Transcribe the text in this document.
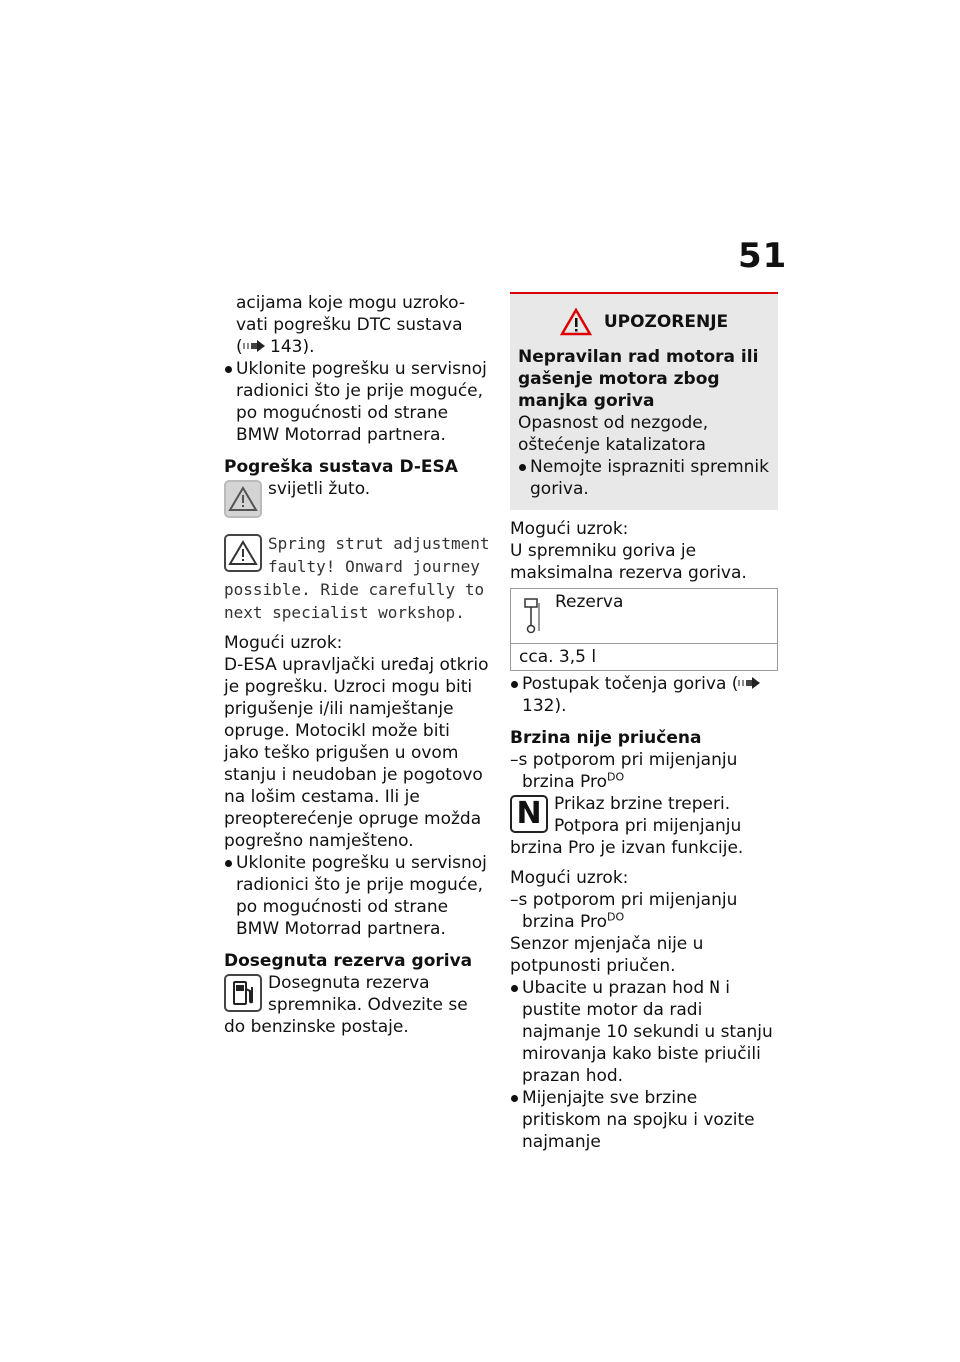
51

acijama koje mogu uzroko-

vati pogrešku DTC sustava

( 143).

Uklonite pogrešku u servisnoj radionici što je prije moguće, po mogućnosti od strane BMW Motorrad partnera.

Pogreška sustava D-ESA

svijetli žuto.

Spring strut adjustment faulty! Onward journey possible. Ride carefully to next specialist workshop.

Mogući uzrok:

D-ESA upravljački uređaj otkrio je pogrešku. Uzroci mogu biti prigušenje i/ili namještanje opruge. Motocikl može biti jako teško prigušen u ovom stanju i neudoban je pogotovo na lošim cestama. Ili je preopterećenje opruge možda pogrešno namješteno.

Uklonite pogrešku u servisnoj radionici što je prije moguće, po mogućnosti od strane BMW Motorrad partnera.

Dosegnuta rezerva goriva

Dosegnuta rezerva spremnika. Odvezite se do benzinske postaje.

UPOZORENJE

Nepravilan rad motora ili gašenje motora zbog manjka goriva

Opasnost od nezgode, oštećenje katalizatora

Nemojte isprazniti spremnik goriva.

Mogući uzrok:

U spremniku goriva je maksimalna rezerva goriva.

Rezerva
cca. 3,5 l

Postupak točenja goriva ( 132).

Brzina nije priučena

–s potporom pri mijenjanju brzina Pro$^{DO}$

N Prikaz brzine treperi. Potpora pri mijenjanju brzina Pro je izvan funkcije.

Mogući uzrok:

–s potporom pri mijenjanju brzina Pro$^{DO}$

Senzor mjenjača nije u potpunosti priučen.

Ubacite u prazan hod N i pustite motor da radi najmanje 10 sekundi u stanju mirovanja kako biste priučili prazan hod.

Mijenjajte sve brzine pritiskom na spojku i vozite najmanje
